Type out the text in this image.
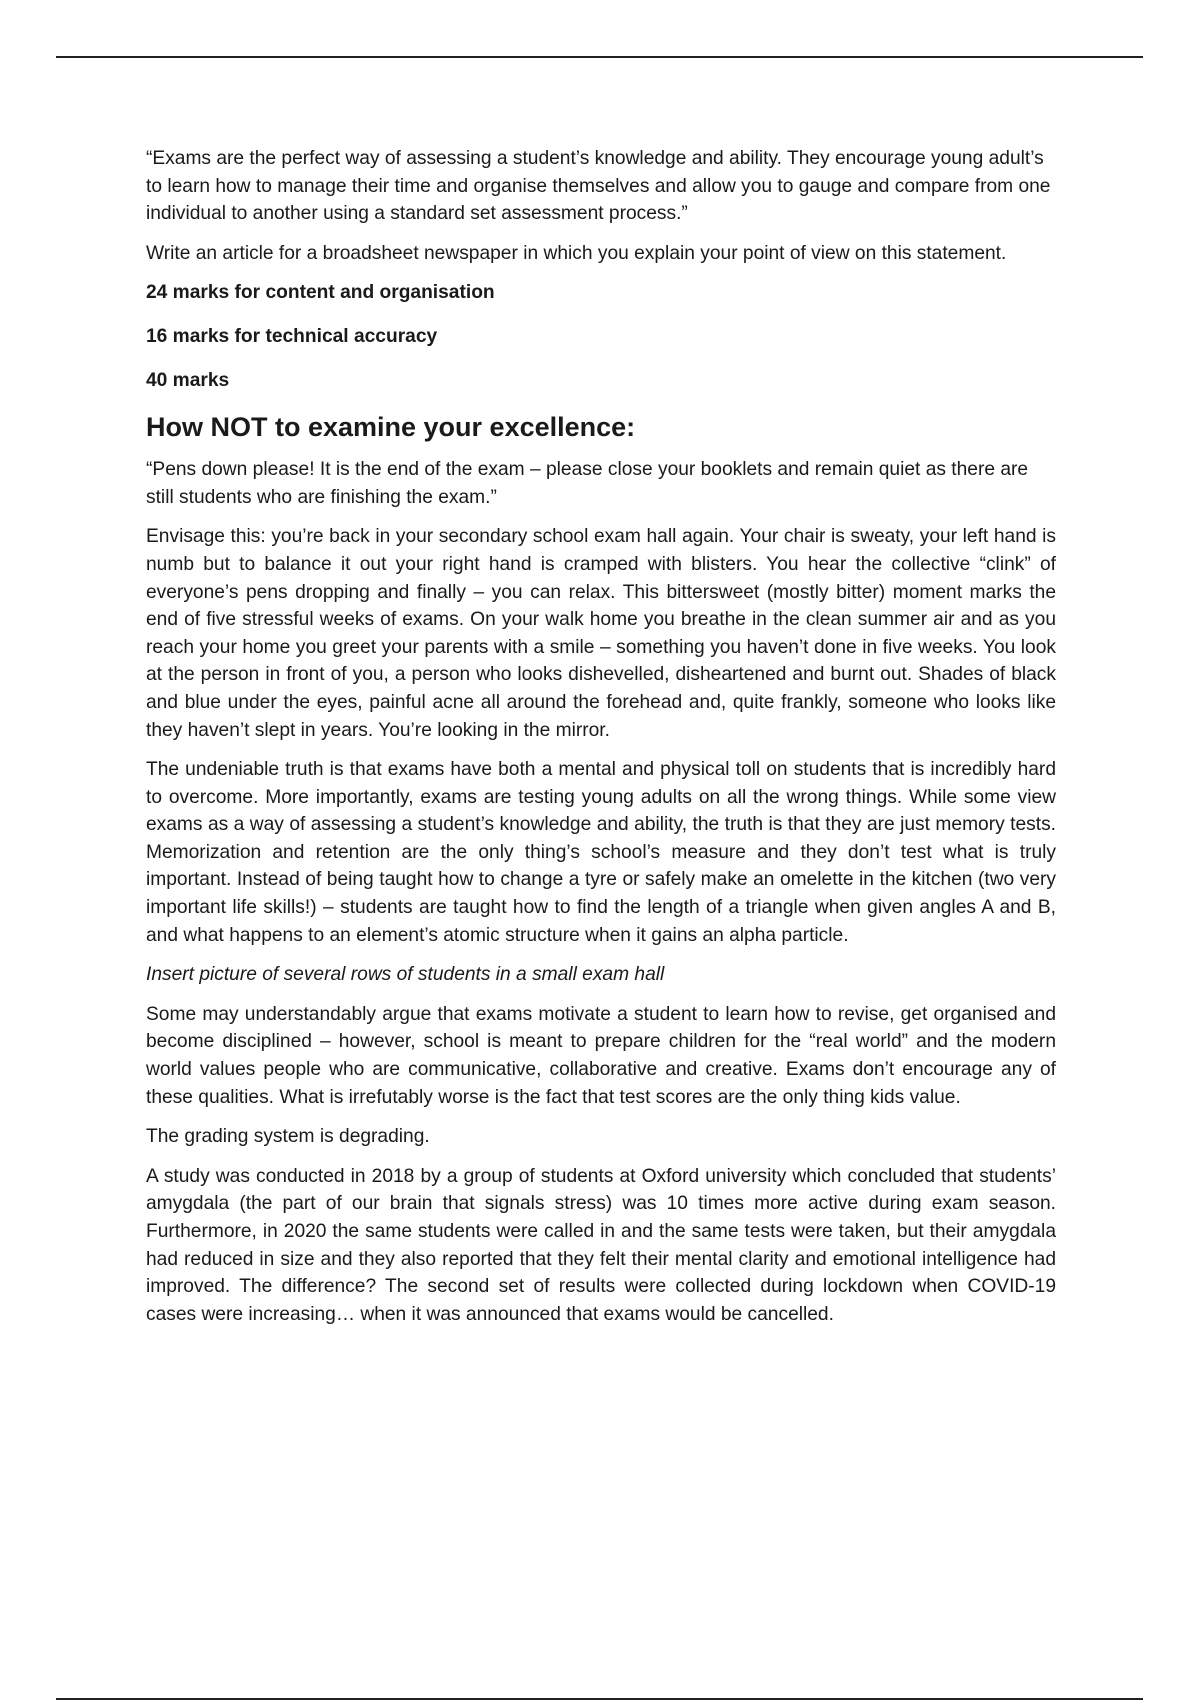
“Exams are the perfect way of assessing a student’s knowledge and ability. They encourage young adult’s to learn how to manage their time and organise themselves and allow you to gauge and compare from one individual to another using a standard set assessment process.”

Write an article for a broadsheet newspaper in which you explain your point of view on this statement.

24 marks for content and organisation

16 marks for technical accuracy

40 marks

How NOT to examine your excellence:

“Pens down please! It is the end of the exam – please close your booklets and remain quiet as there are still students who are finishing the exam.”

Envisage this: you’re back in your secondary school exam hall again. Your chair is sweaty, your left hand is numb but to balance it out your right hand is cramped with blisters. You hear the collective “clink” of everyone’s pens dropping and finally – you can relax. This bittersweet (mostly bitter) moment marks the end of five stressful weeks of exams. On your walk home you breathe in the clean summer air and as you reach your home you greet your parents with a smile – something you haven’t done in five weeks. You look at the person in front of you, a person who looks dishevelled, disheartened and burnt out. Shades of black and blue under the eyes, painful acne all around the forehead and, quite frankly, someone who looks like they haven’t slept in years. You’re looking in the mirror.

The undeniable truth is that exams have both a mental and physical toll on students that is incredibly hard to overcome. More importantly, exams are testing young adults on all the wrong things. While some view exams as a way of assessing a student’s knowledge and ability, the truth is that they are just memory tests. Memorization and retention are the only thing’s school’s measure and they don’t test what is truly important. Instead of being taught how to change a tyre or safely make an omelette in the kitchen (two very important life skills!) – students are taught how to find the length of a triangle when given angles A and B, and what happens to an element’s atomic structure when it gains an alpha particle.

Insert picture of several rows of students in a small exam hall

Some may understandably argue that exams motivate a student to learn how to revise, get organised and become disciplined – however, school is meant to prepare children for the “real world” and the modern world values people who are communicative, collaborative and creative. Exams don’t encourage any of these qualities. What is irrefutably worse is the fact that test scores are the only thing kids value.

The grading system is degrading.

A study was conducted in 2018 by a group of students at Oxford university which concluded that students’ amygdala (the part of our brain that signals stress) was 10 times more active during exam season. Furthermore, in 2020 the same students were called in and the same tests were taken, but their amygdala had reduced in size and they also reported that they felt their mental clarity and emotional intelligence had improved. The difference? The second set of results were collected during lockdown when COVID-19 cases were increasing… when it was announced that exams would be cancelled.
